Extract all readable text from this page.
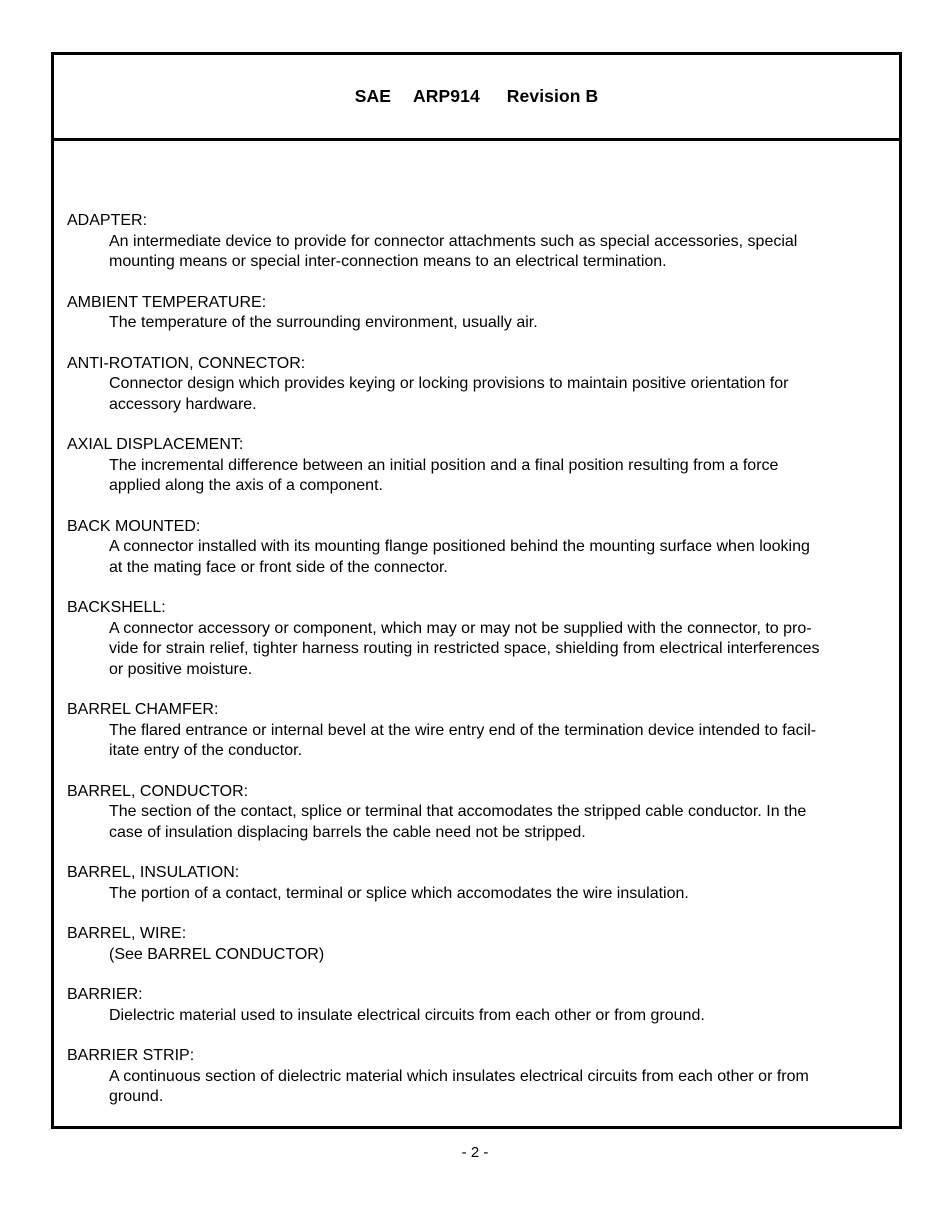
SAE ARP914 Revision B
ADAPTER:
An intermediate device to provide for connector attachments such as special accessories, special
mounting means or special inter-connection means to an electrical termination.
AMBIENT TEMPERATURE:
The temperature of the surrounding environment, usually air.
ANTI-ROTATION, CONNECTOR:
Connector design which provides keying or locking provisions to maintain positive orientation for
accessory hardware.
AXIAL DISPLACEMENT:
The incremental difference between an initial position and a final position resulting from a force
applied along the axis of a component.
BACK MOUNTED:
A connector installed with its mounting flange positioned behind the mounting surface when looking
at the mating face or front side of the connector.
BACKSHELL:
A connector accessory or component, which may or may not be supplied with the connector, to pro-
vide for strain relief, tighter harness routing in restricted space, shielding from electrical interferences
or positive moisture.
BARREL CHAMFER:
The flared entrance or internal bevel at the wire entry end of the termination device intended to facil-
itate entry of the conductor.
BARREL, CONDUCTOR:
The section of the contact, splice or terminal that accomodates the stripped cable conductor. In the
case of insulation displacing barrels the cable need not be stripped.
BARREL, INSULATION:
The portion of a contact, terminal or splice which accomodates the wire insulation.
BARREL, WIRE:
(See BARREL CONDUCTOR)
BARRIER:
Dielectric material used to insulate electrical circuits from each other or from ground.
BARRIER STRIP:
A continuous section of dielectric material which insulates electrical circuits from each other or from
ground.
- 2 -
